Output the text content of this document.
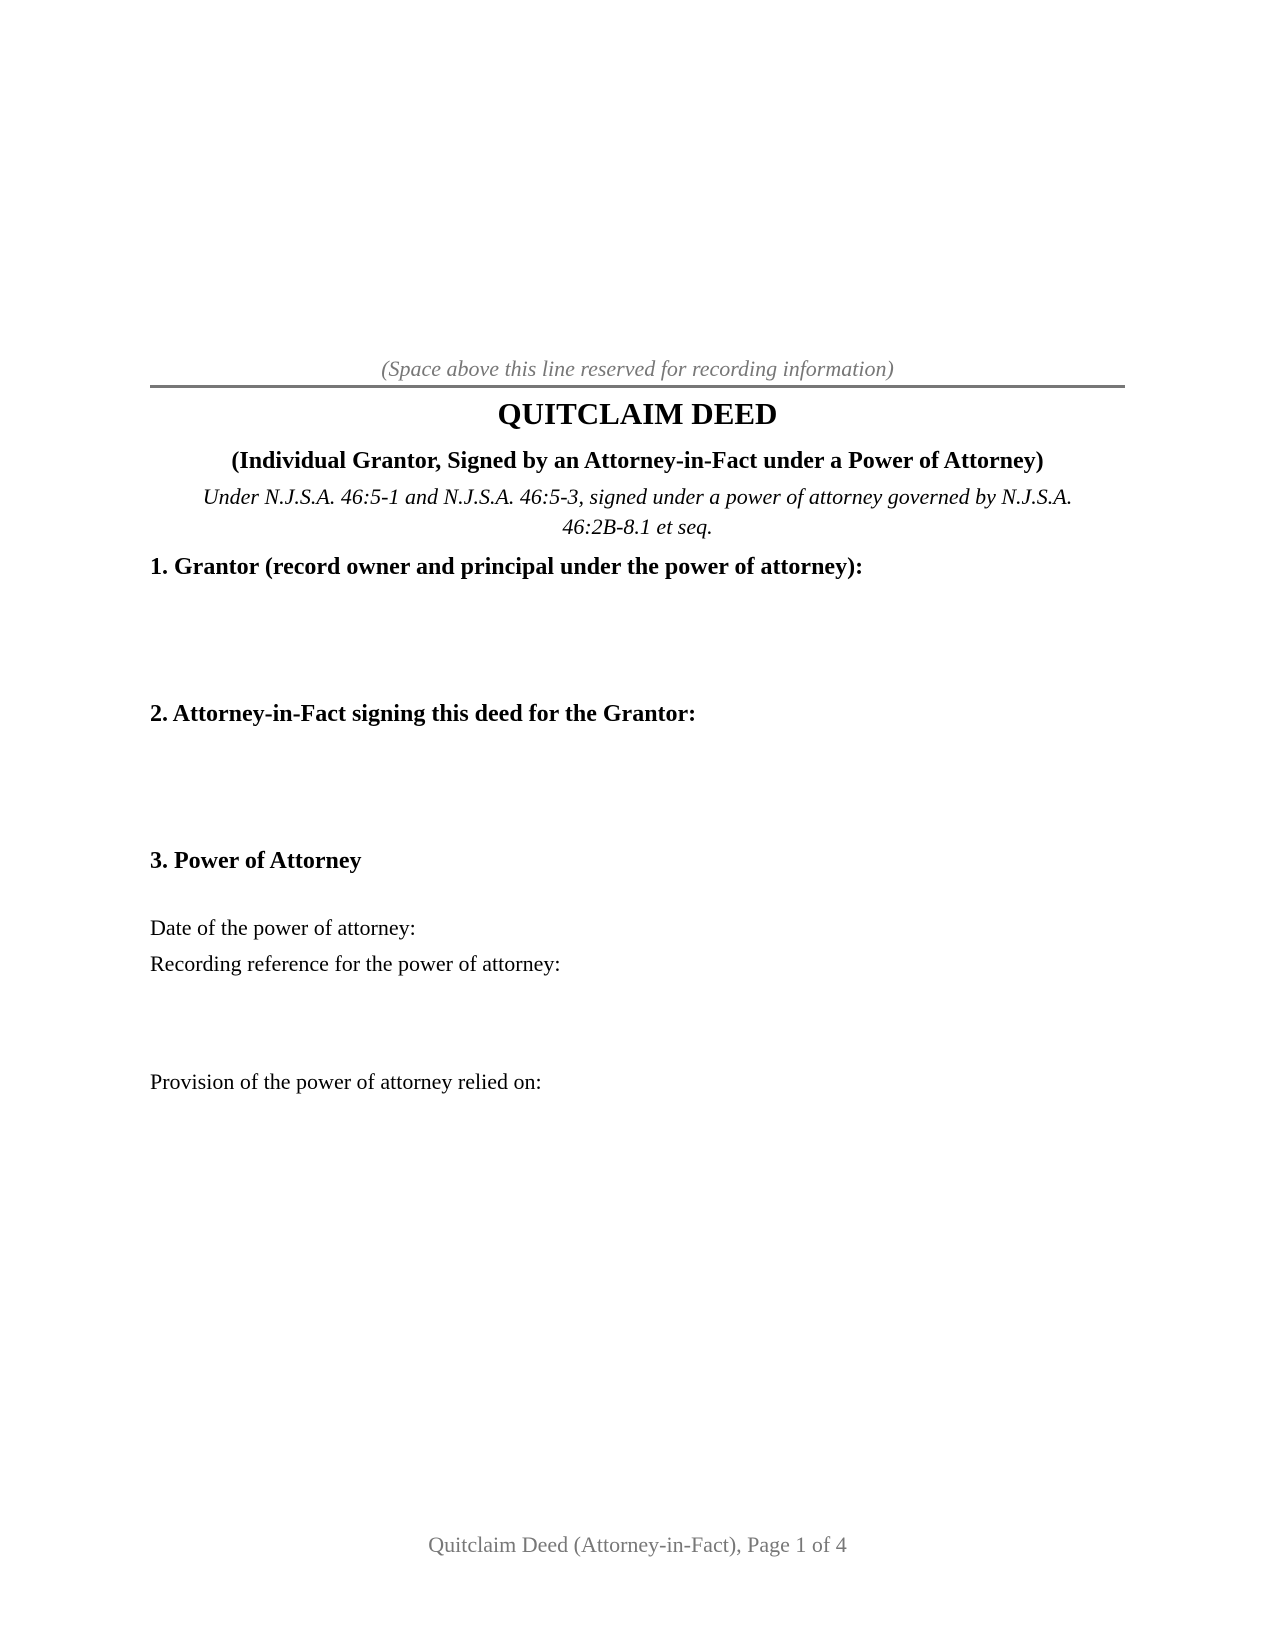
(Space above this line reserved for recording information)
QUITCLAIM DEED
(Individual Grantor, Signed by an Attorney-in-Fact under a Power of Attorney)
Under N.J.S.A. 46:5-1 and N.J.S.A. 46:5-3, signed under a power of attorney governed by N.J.S.A. 46:2B-8.1 et seq.
1. Grantor (record owner and principal under the power of attorney):
2. Attorney-in-Fact signing this deed for the Grantor:
3. Power of Attorney
Date of the power of attorney:
Recording reference for the power of attorney:
Provision of the power of attorney relied on:
Quitclaim Deed (Attorney-in-Fact), Page 1 of 4
